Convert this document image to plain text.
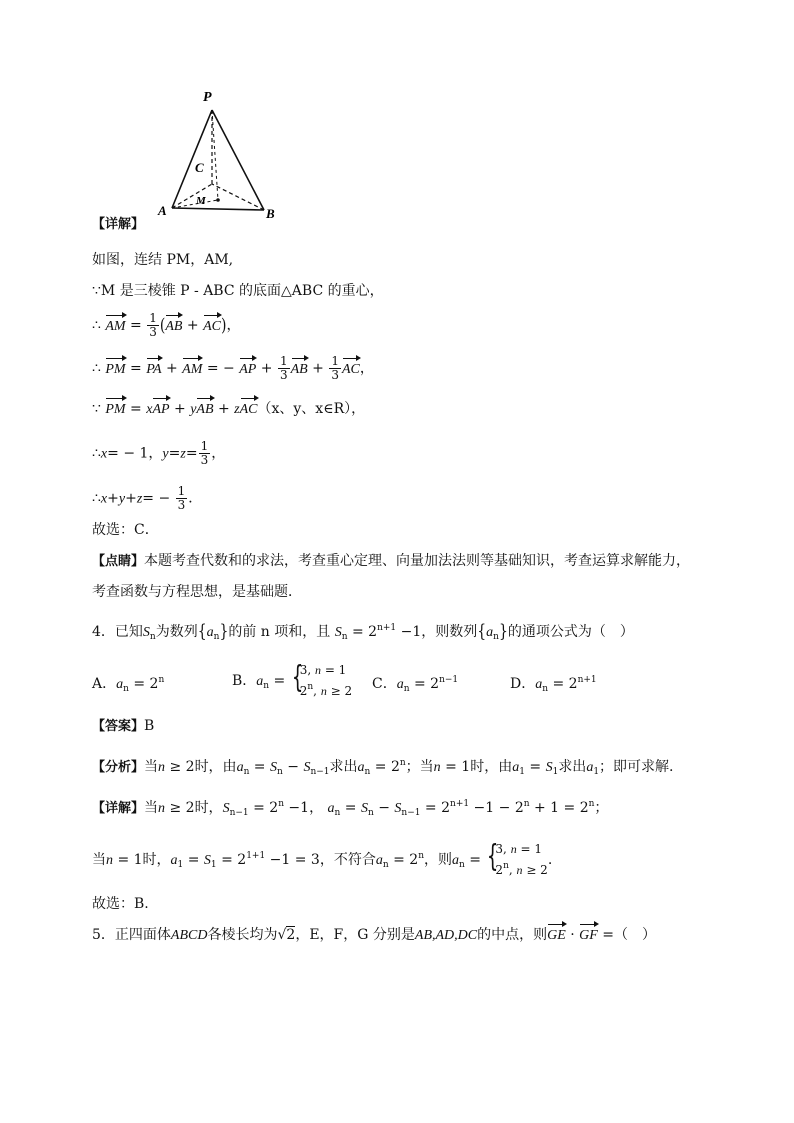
P
A	B
C
M
【详解】
如图，连结 PM，AM,
∵M 是三棱锥 P - ABC 的底面△ABC 的重心，
∴ AM = $\frac{1}{3} (AB + AC)$，
∴ PM = PA + AM = − AP + $\frac{1}{3}$ AB + $\frac{1}{3}$ AC，
∵ PM = xAP + yAB + zAC（x、y、x∈R），
∴x= − 1，$y=z= \frac{1}{3}$ ，
∴x+y+z= − $\frac{1}{3}$ ．
故选：C．
【点睛】本题考查代数和的求法，考查重心定理、向量加法法则等基础知识，考查运算求解能力，
考查函数与方程思想，是基础题．
4．已知$S_n$为数列$\{a_n\}$的前 n 项和，且 $S_n = 2^{n+1} -1$，则数列$\{a_n\}$的通项公式为（　）
A．$a_n = 2^n$	B．$a_n$ =
{ 3, n = 1
2$^n$, n ≥ 2 C．$a_n = 2^{n-1}$	D．$a_n = 2^{n+1}$
【答案】B
【分析】当n ≥ 2时，由$a_n = S_n - S_{n-1}$求出$a_n = 2^n$；当n = 1时，由$a_1 = S_1$求出$a_1$；即可求解.
【详解】当n ≥ 2时，$S_{n-1} = 2^n -1$， $a_n = S_n - S_{n-1} = 2^{n+1} -1 - 2^n + 1 = 2^n$；
当n = 1时，$a_1 = S_1 = 2^{1+1} -1 = 3$，不符合$a_n = 2^n$，则$a_n$ =
{ 3, n = 1
2$^n$, n ≥ 2
.
故选：B.
5．正四面体ABCD各棱长均为√2，E，F，G 分别是AB,AD,DC的中点，则GE · GF =（　）
